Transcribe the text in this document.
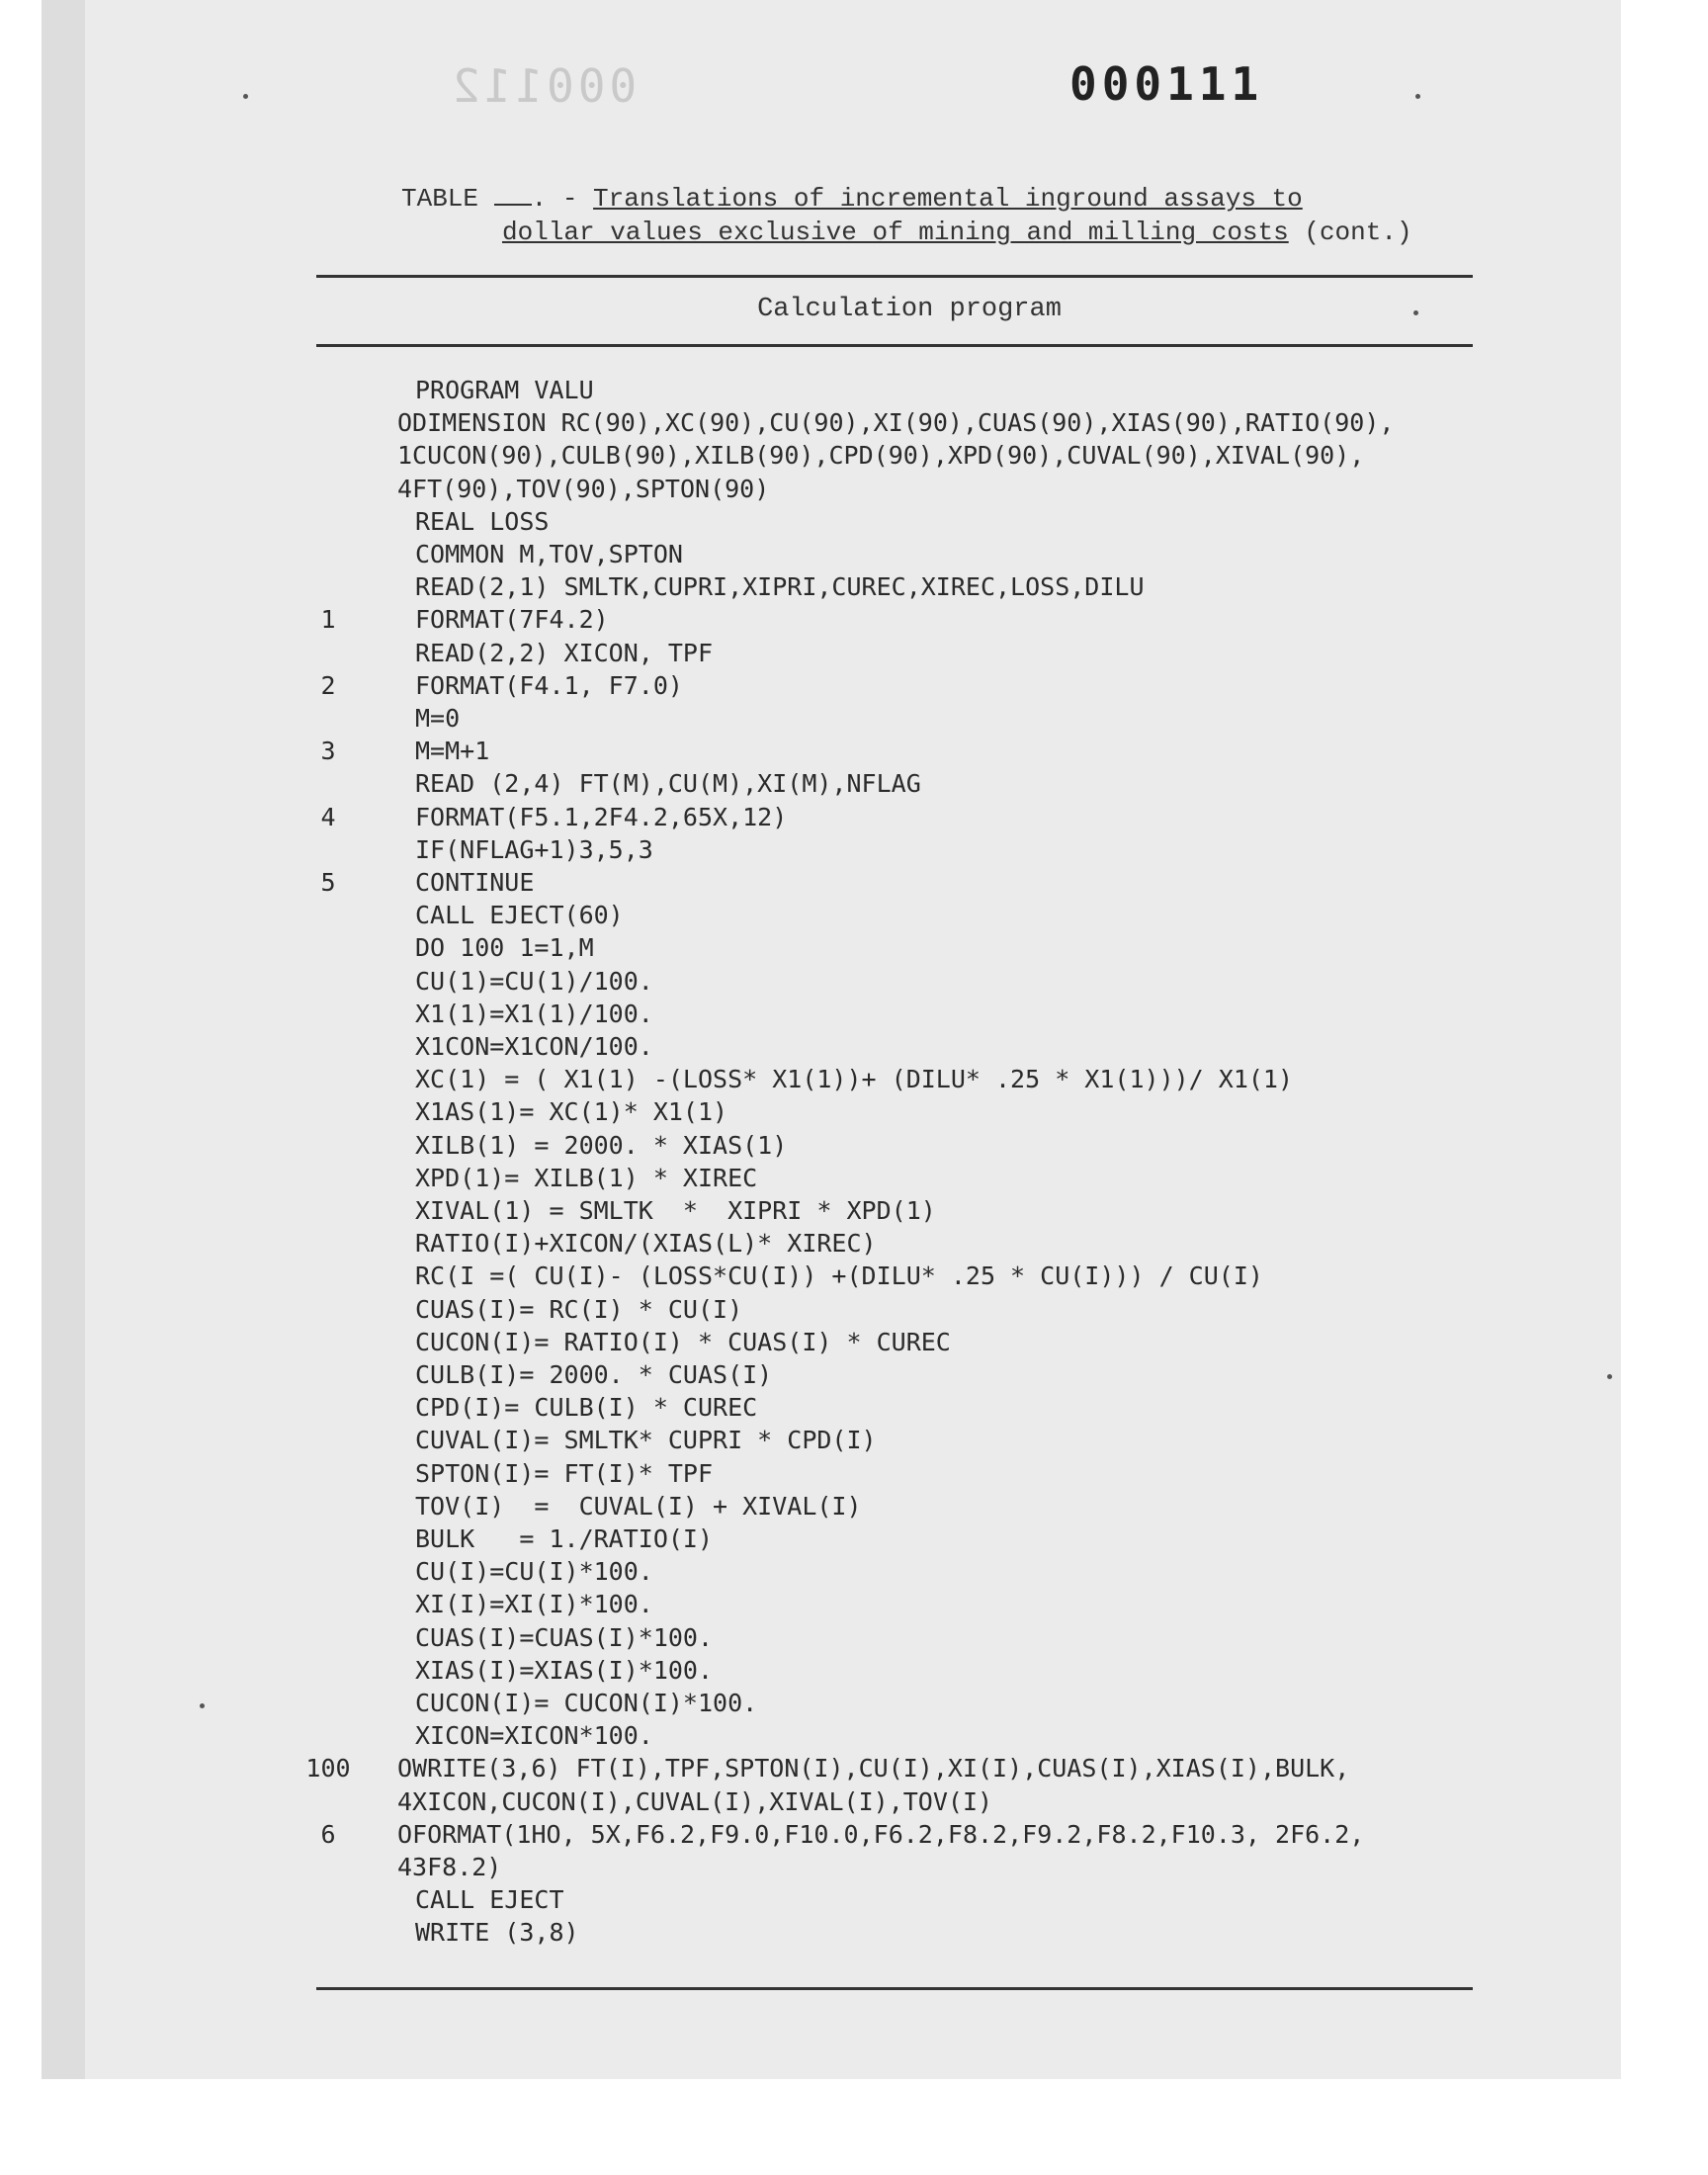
000112	000111
TABLE . - Translations of incremental inground assays to
dollar values exclusive of mining and milling costs (cont.)
Calculation program
PROGRAM VALU
ODIMENSION RC(90),XC(90),CU(90),XI(90),CUAS(90),XIAS(90),RATIO(90),
1CUCON(90),CULB(90),XILB(90),CPD(90),XPD(90),CUVAL(90),XIVAL(90),
4FT(90),TOV(90),SPTON(90)
REAL LOSS
COMMON M,TOV,SPTON
READ(2,1) SMLTK,CUPRI,XIPRI,CUREC,XIREC,LOSS,DILU
1	FORMAT(7F4.2)
READ(2,2) XICON, TPF
2	FORMAT(F4.1, F7.0)
M=0
3	M=M+1
READ (2,4) FT(M),CU(M),XI(M),NFLAG
4	FORMAT(F5.1,2F4.2,65X,12)
IF(NFLAG+1)3,5,3
5	CONTINUE
CALL EJECT(60)
DO 100 1=1,M
CU(1)=CU(1)/100.
X1(1)=X1(1)/100.
X1CON=X1CON/100.
XC(1) = ( X1(1) -(LOSS* X1(1))+ (DILU* .25 * X1(1)))/ X1(1)
X1AS(1)= XC(1)* X1(1)
XILB(1) = 2000. * XIAS(1)
XPD(1)= XILB(1) * XIREC
XIVAL(1) = SMLTK  *  XIPRI * XPD(1)
RATIO(I)+XICON/(XIAS(L)* XIREC)
RC(I =( CU(I)- (LOSS*CU(I)) +(DILU* .25 * CU(I))) / CU(I)
CUAS(I)= RC(I) * CU(I)
CUCON(I)= RATIO(I) * CUAS(I) * CUREC
CULB(I)= 2000. * CUAS(I)
CPD(I)= CULB(I) * CUREC
CUVAL(I)= SMLTK* CUPRI * CPD(I)
SPTON(I)= FT(I)* TPF
TOV(I)  =  CUVAL(I) + XIVAL(I)
BULK   = 1./RATIO(I)
CU(I)=CU(I)*100.
XI(I)=XI(I)*100.
CUAS(I)=CUAS(I)*100.
XIAS(I)=XIAS(I)*100.
CUCON(I)= CUCON(I)*100.
XICON=XICON*100.
100	OWRITE(3,6) FT(I),TPF,SPTON(I),CU(I),XI(I),CUAS(I),XIAS(I),BULK,
4XICON,CUCON(I),CUVAL(I),XIVAL(I),TOV(I)
6	OFORMAT(1HO, 5X,F6.2,F9.0,F10.0,F6.2,F8.2,F9.2,F8.2,F10.3, 2F6.2,
43F8.2)
CALL EJECT
WRITE (3,8)
